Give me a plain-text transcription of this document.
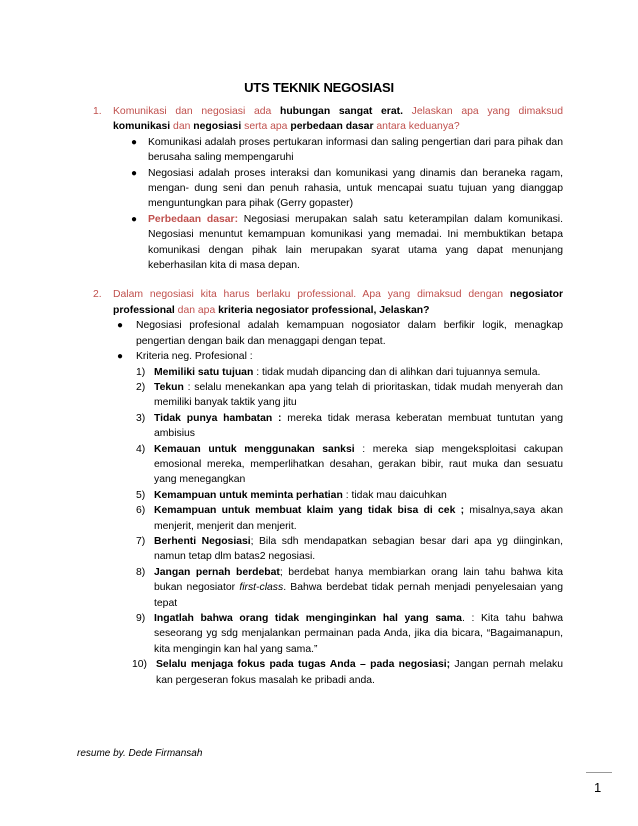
UTS TEKNIK NEGOSIASI
1. Komunikasi dan negosiasi ada hubungan sangat erat. Jelaskan apa yang dimaksud komunikasi dan negosiasi serta apa perbedaan dasar antara keduanya?
● Komunikasi adalah proses pertukaran informasi dan saling pengertian dari para pihak dan berusaha saling mempengaruhi
● Negosiasi adalah proses interaksi dan komunikasi yang dinamis dan beraneka ragam, mengan- dung seni dan penuh rahasia, untuk mencapai suatu tujuan yang dianggap menguntungkan para pihak (Gerry gopaster)
● Perbedaan dasar: Negosiasi merupakan salah satu keterampilan dalam komunikasi. Negosiasi menuntut kemampuan komunikasi yang memadai. Ini membuktikan betapa komunikasi dengan pihak lain merupakan syarat utama yang dapat menunjang keberhasilan kita di masa depan.
2. Dalam negosiasi kita harus berlaku professional. Apa yang dimaksud dengan negosiator professional dan apa kriteria negosiator professional, Jelaskan?
● Negosiasi profesional adalah kemampuan nogosiator dalam berfikir logik, menagkap pengertian dengan baik dan menaggapi dengan tepat.
● Kriteria neg. Profesional :
1) Memiliki satu tujuan : tidak mudah dipancing dan di alihkan dari tujuannya semula.
2) Tekun : selalu menekankan apa yang telah di prioritaskan, tidak mudah menyerah dan memiliki banyak taktik yang jitu
3) Tidak punya hambatan : mereka tidak merasa keberatan membuat tuntutan yang ambisius
4) Kemauan untuk menggunakan sanksi : mereka siap mengeksploitasi cakupan emosional mereka, memperlihatkan desahan, gerakan bibir, raut muka dan sesuatu yang menegangkan
5) Kemampuan untuk meminta perhatian : tidak mau daicuhkan
6) Kemampuan untuk membuat klaim yang tidak bisa di cek ; misalnya,saya akan menjerit, menjerit dan menjerit.
7) Berhenti Negosiasi; Bila sdh mendapatkan sebagian besar dari apa yg diinginkan, namun tetap dlm batas2 negosiasi.
8) Jangan pernah berdebat; berdebat hanya membiarkan orang lain tahu bahwa kita bukan negosiator first-class. Bahwa berdebat tidak pernah menjadi penyelesaian yang tepat
9) Ingatlah bahwa orang tidak menginginkan hal yang sama. : Kita tahu bahwa seseorang yg sdg menjalankan permainan pada Anda, jika dia bicara, “Bagaimanapun, kita mengingin kan hal yang sama.”
10) Selalu menjaga fokus pada tugas Anda – pada negosiasi; Jangan pernah melaku kan pergeseran fokus masalah ke pribadi anda.
resume by. Dede Firmansah
1
